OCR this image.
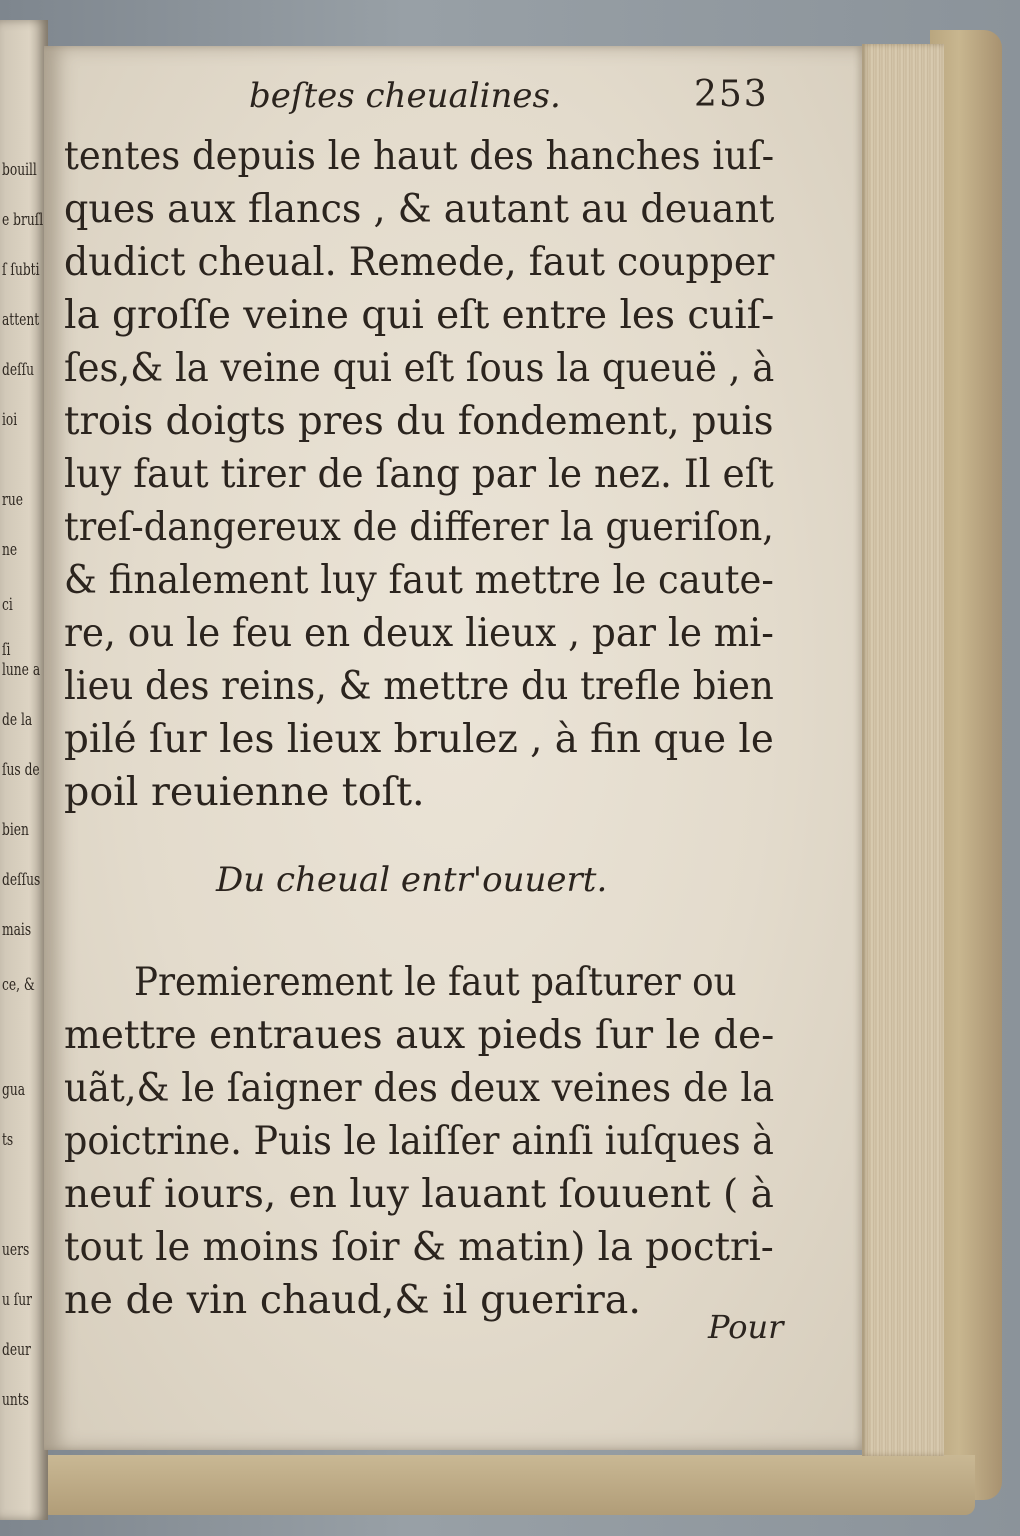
bouill
e bruſl
ſ ſubti
attent
deſſu
ioi
rue
ne
ci
ſi
lune a
de la
ſus de
bien
deſſus
mais
ce, &
gua
ts
uers
u ſur
deur
unts
beſtes cheualines.	253
tentes depuis le haut des hanches iuſ-
ques aux flancs , & autant au deuant
dudict cheual. Remede, faut coupper
la groſſe veine qui eſt entre les cuiſ-
ſes,& la veine qui eſt ſous la queuë , à
trois doigts pres du fondement, puis
luy faut tirer de ſang par le nez. Il eſt
treſ-dangereux de differer la gueriſon,
& finalement luy faut mettre le caute-
re, ou le feu en deux lieux , par le mi-
lieu des reins, & mettre du trefle bien
pilé ſur les lieux brulez , à fin que le
poil reuienne toſt.
Du cheual entr'ouuert.
Premierement le faut paſturer ou
mettre entraues aux pieds ſur le de-
uãt,& le ſaigner des deux veines de la
poictrine. Puis le laiſſer ainſi iuſques à
neuf iours, en luy lauant ſouuent ( à
tout le moins ſoir & matin) la poctri-
ne de vin chaud,& il guerira.
Pour
